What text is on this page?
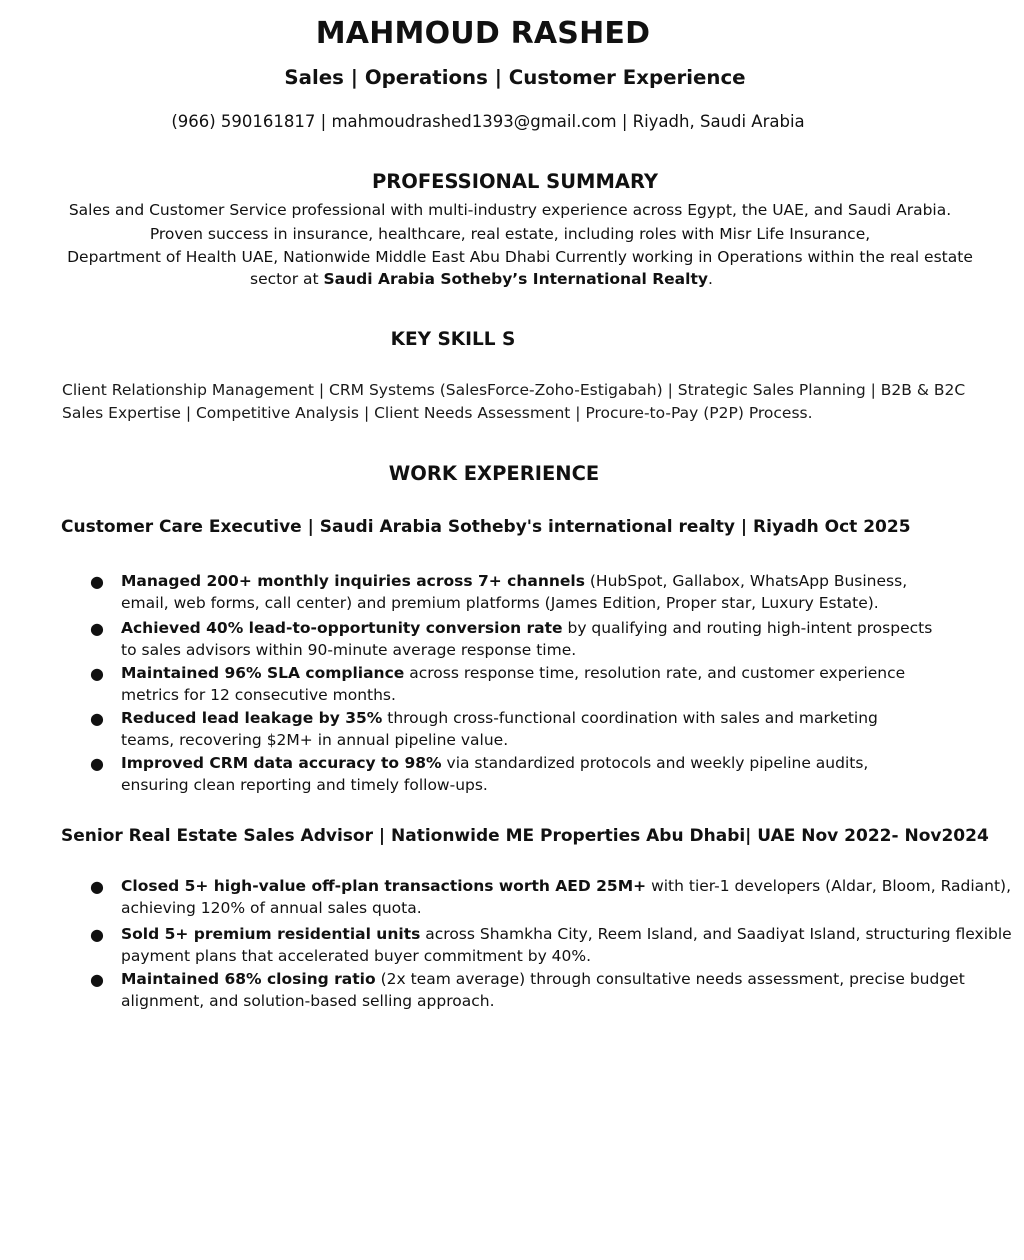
MAHMOUD RASHED
Sales | Operations | Customer Experience
(966) 590161817 | mahmoudrashed1393@gmail.com | Riyadh, Saudi Arabia
PROFESSIONAL SUMMARY
Sales and Customer Service professional with multi-industry experience across Egypt, the UAE, and Saudi Arabia.
Proven success in insurance, healthcare, real estate, including roles with Misr Life Insurance,
Department of Health UAE, Nationwide Middle East Abu Dhabi Currently working in Operations within the real estate
sector at Saudi Arabia Sotheby’s International Realty.
KEY SKILL S
Client Relationship Management | CRM Systems (SalesForce-Zoho-Estigabah) | Strategic Sales Planning | B2B & B2C
Sales Expertise | Competitive Analysis | Client Needs Assessment | Procure-to-Pay (P2P) Process.
WORK EXPERIENCE
Customer Care Executive | Saudi Arabia Sotheby's international realty | Riyadh Oct 2025
● Managed 200+ monthly inquiries across 7+ channels (HubSpot, Gallabox, WhatsApp Business,
email, web forms, call center) and premium platforms (James Edition, Proper star, Luxury Estate).
● Achieved 40% lead-to-opportunity conversion rate by qualifying and routing high-intent prospects
to sales advisors within 90-minute average response time.
● Maintained 96% SLA compliance across response time, resolution rate, and customer experience
metrics for 12 consecutive months.
● Reduced lead leakage by 35% through cross-functional coordination with sales and marketing
teams, recovering $2M+ in annual pipeline value.
● Improved CRM data accuracy to 98% via standardized protocols and weekly pipeline audits,
ensuring clean reporting and timely follow-ups.
Senior Real Estate Sales Advisor | Nationwide ME Properties Abu Dhabi| UAE Nov 2022- Nov2024
● Closed 5+ high-value off-plan transactions worth AED 25M+ with tier-1 developers (Aldar, Bloom, Radiant),
achieving 120% of annual sales quota.
● Sold 5+ premium residential units across Shamkha City, Reem Island, and Saadiyat Island, structuring flexible
payment plans that accelerated buyer commitment by 40%.
● Maintained 68% closing ratio (2x team average) through consultative needs assessment, precise budget
alignment, and solution-based selling approach.
